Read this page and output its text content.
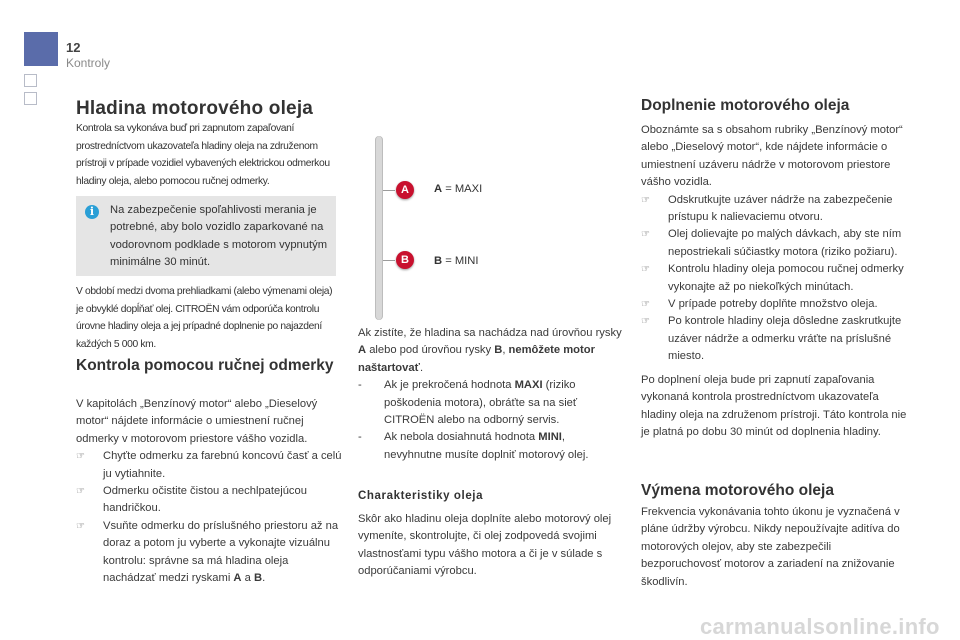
12
Kontroly
Hladina motorového oleja
Kontrola sa vykonáva buď pri zapnutom zapaľovaní prostredníctvom ukazovateľa hladiny oleja na združenom prístroji v prípade vozidiel vybavených elektrickou odmerkou hladiny oleja, alebo pomocou ručnej odmerky.
i	Na zabezpečenie spoľahlivosti merania je potrebné, aby bolo vozidlo zaparkované na vodorovnom podklade s motorom vypnutým minimálne 30 minút.
V období medzi dvoma prehliadkami (alebo výmenami oleja) je obvyklé dopĺňať olej. CITROËN vám odporúča kontrolu úrovne hladiny oleja a jej prípadné doplnenie po najazdení každých 5 000 km.
Kontrola pomocou ručnej odmerky
V kapitolách „Benzínový motor“ alebo „Dieselový motor“ nájdete informácie o umiestnení ručnej odmerky v motorovom priestore vášho vozidla.
☞ Chyťte odmerku za farebnú koncovú časť a celú ju vytiahnite.
☞ Odmerku očistite čistou a nechlpatejúcou handričkou.
☞ Vsuňte odmerku do príslušného priestoru až na doraz a potom ju vyberte a vykonajte vizuálnu kontrolu: správne sa má hladina oleja nachádzať medzi ryskami A a B.
A
B
A = MAXI
B = MINI
Ak zistíte, že hladina sa nachádza nad úrovňou rysky A alebo pod úrovňou rysky B, nemôžete motor naštartovať.
- Ak je prekročená hodnota MAXI (riziko poškodenia motora), obráťte sa na sieť CITROËN alebo na odborný servis.
- Ak nebola dosiahnutá hodnota MINI, nevyhnutne musíte doplniť motorový olej.
Charakteristiky oleja
Skôr ako hladinu oleja doplníte alebo motorový olej vymeníte, skontrolujte, či olej zodpovedá svojimi vlastnosťami typu vášho motora a či je v súlade s odporúčaniami výrobcu.
Doplnenie motorového oleja
Oboznámte sa s obsahom rubriky „Benzínový motor“ alebo „Dieselový motor“, kde nájdete informácie o umiestnení uzáveru nádrže v motorovom priestore vášho vozidla.
☞ Odskrutkujte uzáver nádrže na zabezpečenie prístupu k nalievaciemu otvoru.
☞ Olej dolievajte po malých dávkach, aby ste ním nepostriekali súčiastky motora (riziko požiaru).
☞ Kontrolu hladiny oleja pomocou ručnej odmerky vykonajte až po niekoľkých minútach.
☞ V prípade potreby doplňte množstvo oleja.
☞ Po kontrole hladiny oleja dôsledne zaskrutkujte uzáver nádrže a odmerku vráťte na príslušné miesto.
Po doplnení oleja bude pri zapnutí zapaľovania vykonaná kontrola prostredníctvom ukazovateľa hladiny oleja na združenom prístroji. Táto kontrola nie je platná po dobu 30 minút od doplnenia hladiny.
Výmena motorového oleja
Frekvencia vykonávania tohto úkonu je vyznačená v pláne údržby výrobcu. Nikdy nepoužívajte aditíva do motorových olejov, aby ste zabezpečili bezporuchovosť motorov a zariadení na znižovanie škodlivín.
carmanualsonline.info
